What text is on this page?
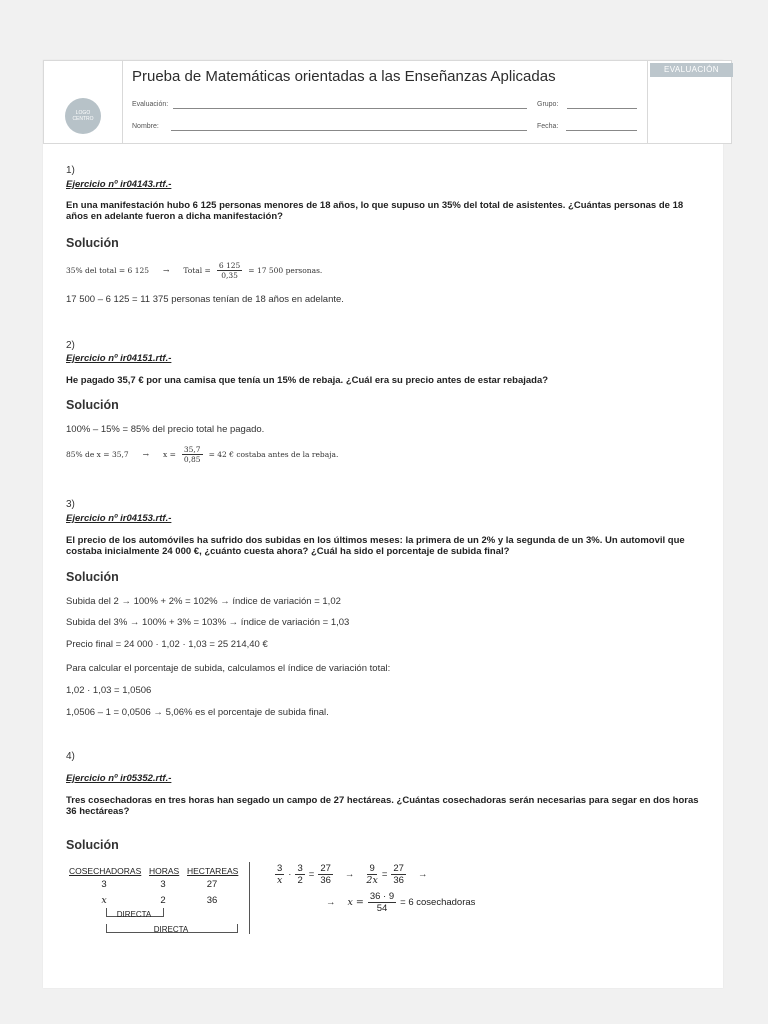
LOGO
CENTRO
Prueba de Matemáticas orientadas a las Enseñanzas Aplicadas	EVALUACIÓN
Evaluación:	Grupo:
Nombre:	Fecha:
1)
Ejercicio nº ir04143.rtf.-
En una manifestación hubo 6 125 personas menores de 18 años, lo que supuso un 35% del total de asistentes. ¿Cuántas personas de 18 años en adelante fueron a dicha manifestación?
Solución
35% del total = 6 125 → Total = $\frac{6 125}{0,35} = 17$ 500 personas.
17 500 – 6 125 = 11 375 personas tenían de 18 años en adelante.
2)
Ejercicio nº ir04151.rtf.-
He pagado 35,7 € por una camisa que tenía un 15% de rebaja. ¿Cuál era su precio antes de estar rebajada?
Solución
100% – 15% = 85% del precio total he pagado.
85% de $x = 35,7 \to x = \frac{35,7}{0,85} = 42$ € costaba antes de la rebaja.
3)
Ejercicio nº ir04153.rtf.-
El precio de los automóviles ha sufrido dos subidas en los últimos meses: la primera de un 2% y la segunda de un 3%. Un automovil que costaba inicialmente 24 000 €, ¿cuánto cuesta ahora? ¿Cuál ha sido el porcentaje de subida final?
Solución
Subida del 2 → 100% + 2% = 102% → índice de variación = 1,02
Subida del 3% → 100% + 3% = 103% → índice de variación = 1,03
Precio final = 24 000 · 1,02 · 1,03 = 25 214,40 €
Para calcular el porcentaje de subida, calculamos el índice de variación total:
1,02 · 1,03 = 1,0506
1,0506 – 1 = 0,0506 → 5,06% es el porcentaje de subida final.
4)
Ejercicio nº ir05352.rtf.-
Tres cosechadoras en tres horas han segado un campo de 27 hectáreas. ¿Cuántas cosechadoras serán necesarias para segar en dos horas 36 hectáreas?
Solución
COSECHADORAS HORAS HECTAREAS
3	3	27
x	2	36
DIRECTA
DIRECTA
$\frac{3}{x} \cdot \frac{3}{2} = \frac{27}{36} \to \frac{9}{2x} = \frac{27}{36}$ →
→ $x = \frac{36 \cdot 9}{54} = 6$ cosechadoras
